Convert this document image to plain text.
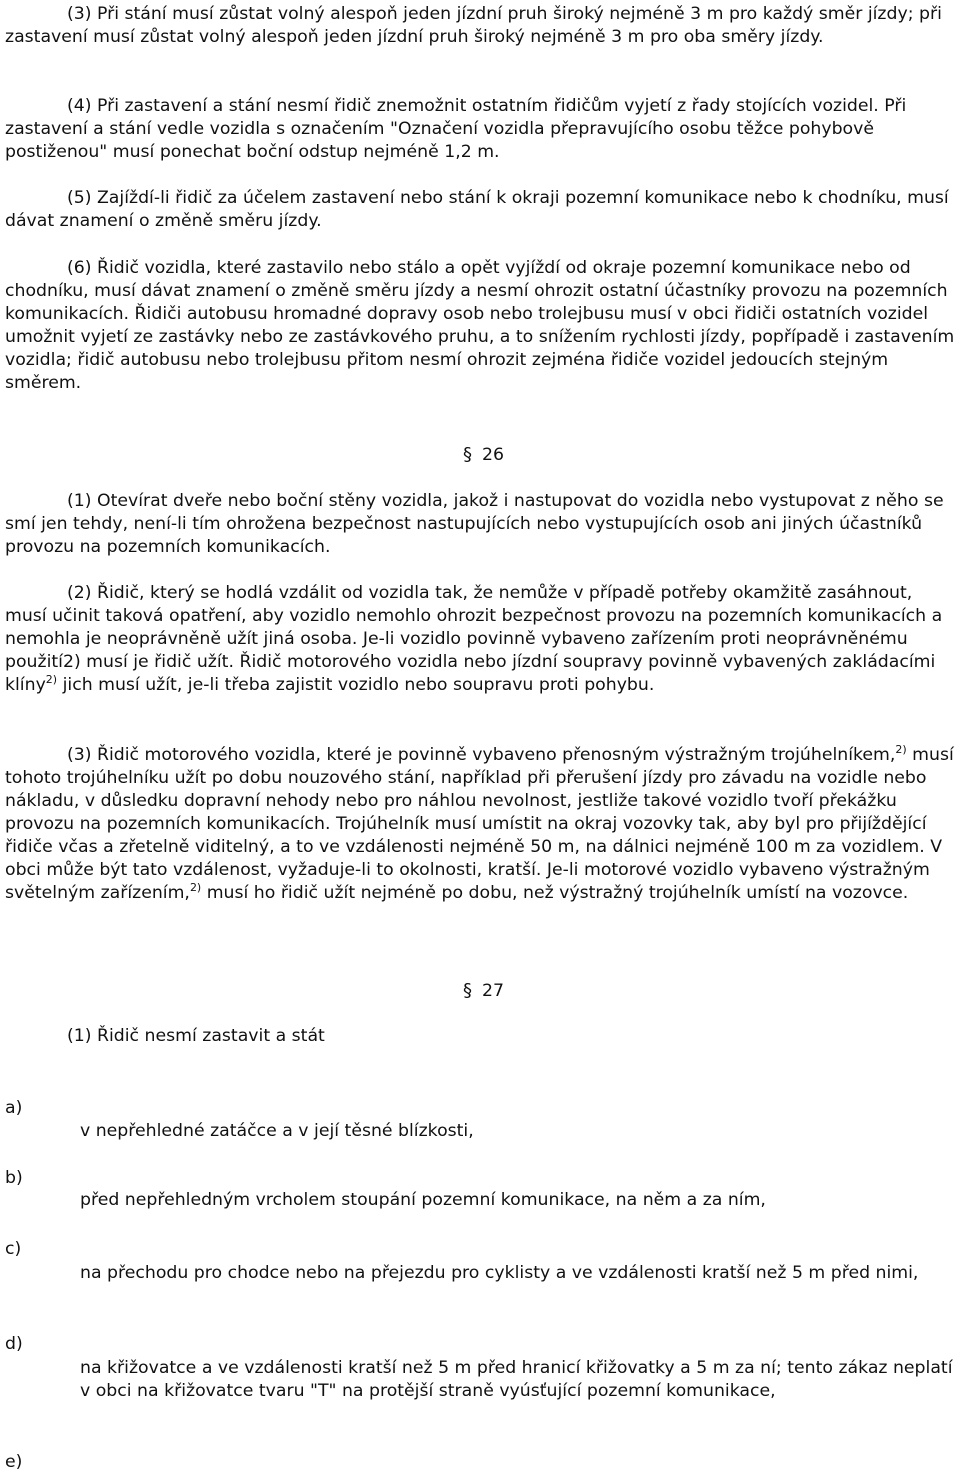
(3) Při stání musí zůstat volný alespoň jeden jízdní pruh široký nejméně 3 m pro každý směr jízdy; při zastavení musí zůstat volný alespoň jeden jízdní pruh široký nejméně 3 m pro oba směry jízdy.

(4) Při zastavení a stání nesmí řidič znemožnit ostatním řidičům vyjetí z řady stojících vozidel. Při zastavení a stání vedle vozidla s označením "Označení vozidla přepravujícího osobu těžce pohybově postiženou" musí ponechat boční odstup nejméně 1,2 m.

(5) Zajíždí-li řidič za účelem zastavení nebo stání k okraji pozemní komunikace nebo k chodníku, musí dávat znamení o změně směru jízdy.

(6) Řidič vozidla, které zastavilo nebo stálo a opět vyjíždí od okraje pozemní komunikace nebo od chodníku, musí dávat znamení o změně směru jízdy a nesmí ohrozit ostatní účastníky provozu na pozemních komunikacích. Řidiči autobusu hromadné dopravy osob nebo trolejbusu musí v obci řidiči ostatních vozidel umožnit vyjetí ze zastávky nebo ze zastávkového pruhu, a to snížením rychlosti jízdy, popřípadě i zastavením vozidla; řidič autobusu nebo trolejbusu přitom nesmí ohrozit zejména řidiče vozidel jedoucích stejným směrem.

§ 26

(1) Otevírat dveře nebo boční stěny vozidla, jakož i nastupovat do vozidla nebo vystupovat z něho se smí jen tehdy, není-li tím ohrožena bezpečnost nastupujících nebo vystupujících osob ani jiných účastníků provozu na pozemních komunikacích.

(2) Řidič, který se hodlá vzdálit od vozidla tak, že nemůže v případě potřeby okamžitě zasáhnout, musí učinit taková opatření, aby vozidlo nemohlo ohrozit bezpečnost provozu na pozemních komunikacích a nemohla je neoprávněně užít jiná osoba. Je-li vozidlo povinně vybaveno zařízením proti neoprávněnému použití2) musí je řidič užít. Řidič motorového vozidla nebo jízdní soupravy povinně vybavených zakládacími klíny$^{2)}$ jich musí užít, je-li třeba zajistit vozidlo nebo soupravu proti pohybu.

(3) Řidič motorového vozidla, které je povinně vybaveno přenosným výstražným trojúhelníkem,$^{2)}$ musí tohoto trojúhelníku užít po dobu nouzového stání, například při přerušení jízdy pro závadu na vozidle nebo nákladu, v důsledku dopravní nehody nebo pro náhlou nevolnost, jestliže takové vozidlo tvoří překážku provozu na pozemních komunikacích. Trojúhelník musí umístit na okraj vozovky tak, aby byl pro přijíždějící řidiče včas a zřetelně viditelný, a to ve vzdálenosti nejméně 50 m, na dálnici nejméně 100 m za vozidlem. V obci může být tato vzdálenost, vyžaduje-li to okolnosti, kratší. Je-li motorové vozidlo vybaveno výstražným světelným zařízením,$^{2)}$ musí ho řidič užít nejméně po dobu, než výstražný trojúhelník umístí na vozovce.

§ 27

(1) Řidič nesmí zastavit a stát

a)

v nepřehledné zatáčce a v její těsné blízkosti,

b)

před nepřehledným vrcholem stoupání pozemní komunikace, na něm a za ním,

c)

na přechodu pro chodce nebo na přejezdu pro cyklisty a ve vzdálenosti kratší než 5 m před nimi,

d)

na křižovatce a ve vzdálenosti kratší než 5 m před hranicí křižovatky a 5 m za ní; tento zákaz neplatí v obci na křižovatce tvaru "T" na protější straně vyúsťující pozemní komunikace,

e)
